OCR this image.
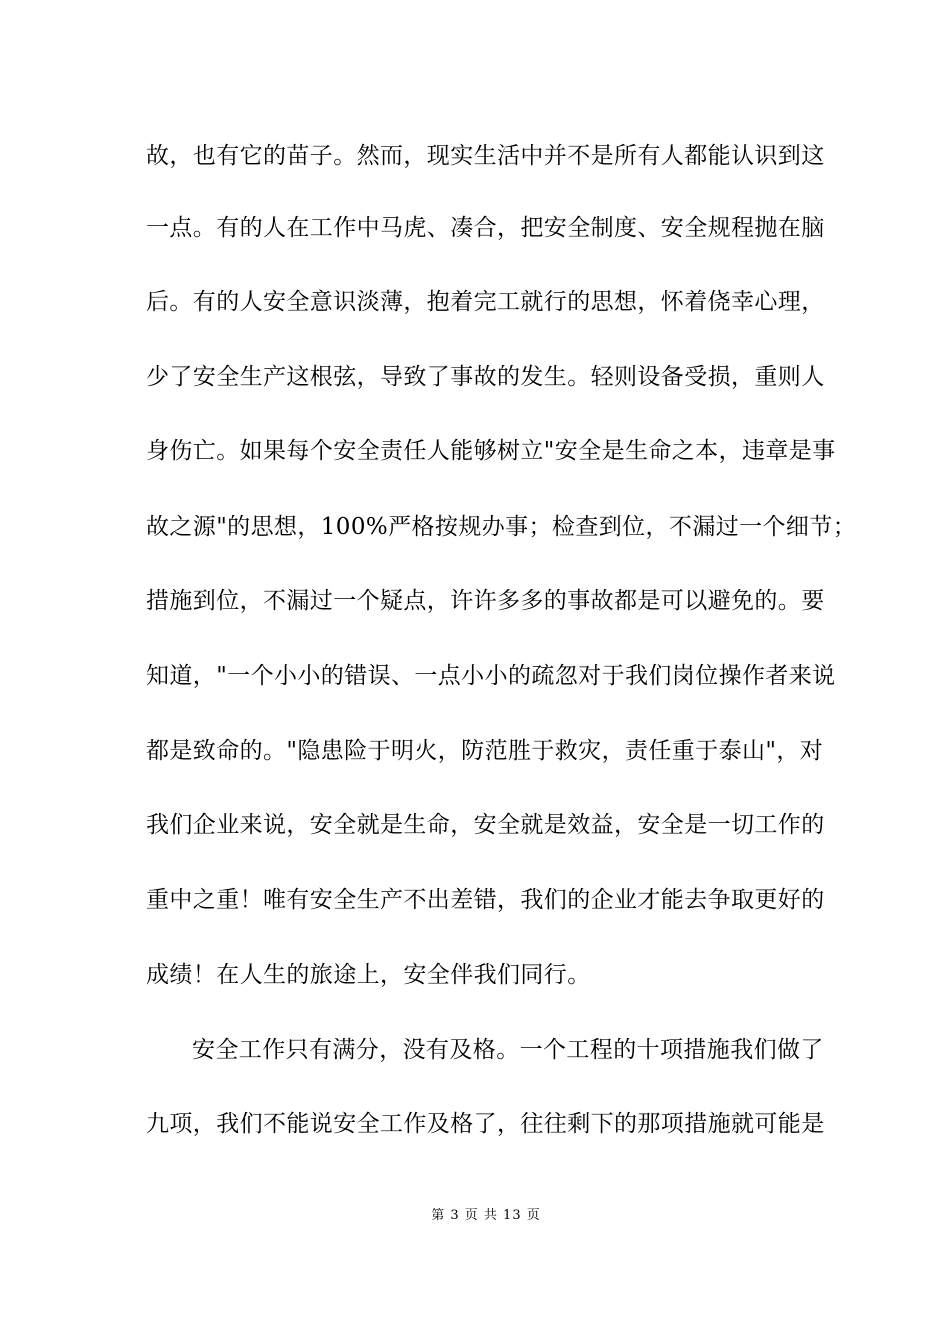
故，也有它的苗子。然而，现实生活中并不是所有人都能认识到这
一点。有的人在工作中马虎、凑合，把安全制度、安全规程抛在脑
后。有的人安全意识淡薄，抱着完工就行的思想，怀着侥幸心理，
少了安全生产这根弦，导致了事故的发生。轻则设备受损，重则人
身伤亡。如果每个安全责任人能够树立"安全是生命之本，违章是事
故之源"的思想，100%严格按规办事；检查到位，不漏过一个细节；
措施到位，不漏过一个疑点，许许多多的事故都是可以避免的。要
知道，"一个小小的错误、一点小小的疏忽对于我们岗位操作者来说
都是致命的。"隐患险于明火，防范胜于救灾，责任重于泰山"，对
我们企业来说，安全就是生命，安全就是效益，安全是一切工作的
重中之重！唯有安全生产不出差错，我们的企业才能去争取更好的
成绩！在人生的旅途上，安全伴我们同行。
安全工作只有满分，没有及格。一个工程的十项措施我们做了
九项，我们不能说安全工作及格了，往往剩下的那项措施就可能是
第 3 页 共 13 页
